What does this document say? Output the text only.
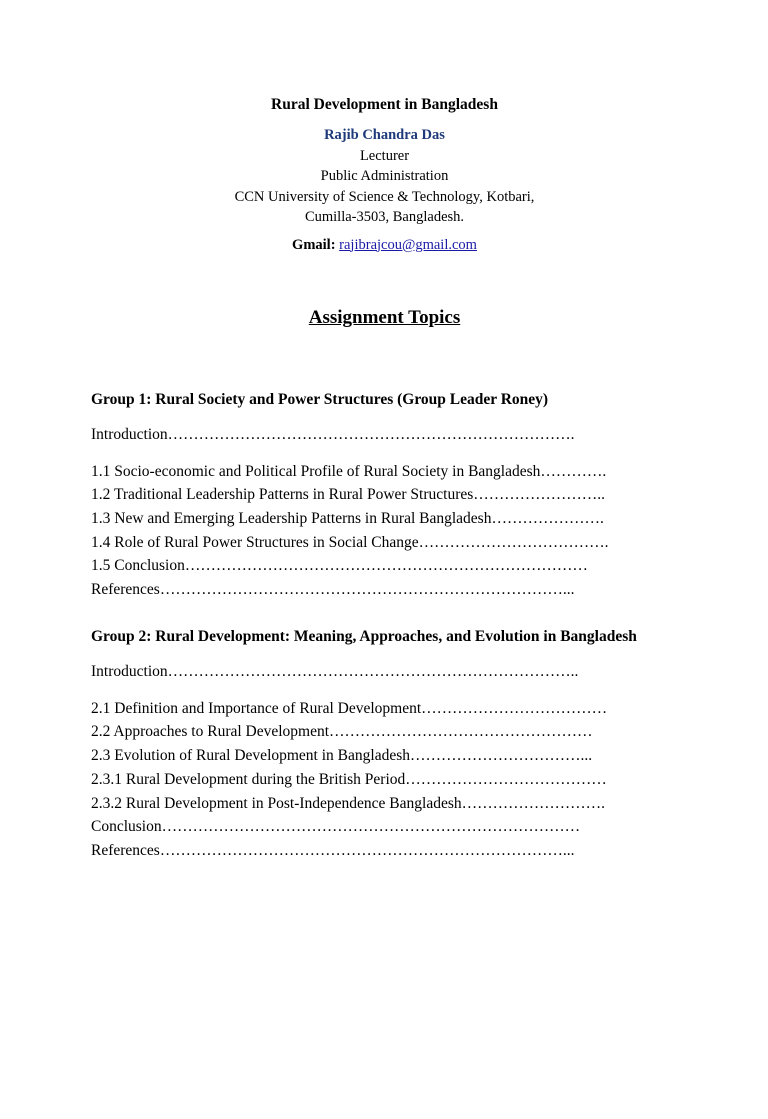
Rural Development in Bangladesh
Rajib Chandra Das
Lecturer
Public Administration
CCN University of Science & Technology, Kotbari,
Cumilla-3503, Bangladesh.
Gmail: rajibrajcou@gmail.com
Assignment Topics
Group 1: Rural Society and Power Structures (Group Leader Roney)
Introduction…………………………………………………………………….
1.1 Socio-economic and Political Profile of Rural Society in Bangladesh………….
1.2 Traditional Leadership Patterns in Rural Power Structures……………………..
1.3 New and Emerging Leadership Patterns in Rural Bangladesh………………….
1.4 Role of Rural Power Structures in Social Change……………………………….
1.5 Conclusion……………………………………………………………………
References……………………………………………………………………...
Group 2: Rural Development: Meaning, Approaches, and Evolution in Bangladesh
Introduction……………………………………………………………………..
2.1 Definition and Importance of Rural Development………………………………
2.2 Approaches to Rural Development……………………………………………
2.3 Evolution of Rural Development in Bangladesh……………………………...
2.3.1 Rural Development during the British Period…………………………………
2.3.2 Rural Development in Post-Independence Bangladesh……………………….
Conclusion………………………………………………………………………
References……………………………………………………………………...
